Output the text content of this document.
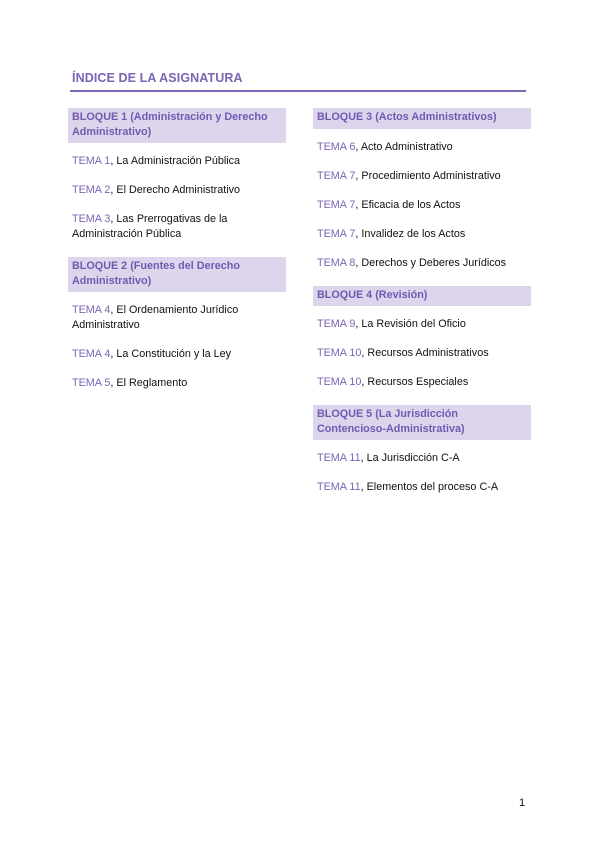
ÍNDICE DE LA ASIGNATURA
BLOQUE 1 (Administración y Derecho Administrativo)
TEMA 1, La Administración Pública
TEMA 2, El Derecho Administrativo
TEMA 3, Las Prerrogativas de la Administración Pública
BLOQUE 2 (Fuentes del Derecho Administrativo)
TEMA 4, El Ordenamiento Jurídico Administrativo
TEMA 4, La Constitución y la Ley
TEMA 5, El Reglamento
BLOQUE 3 (Actos Administrativos)
TEMA 6, Acto Administrativo
TEMA 7, Procedimiento Administrativo
TEMA 7, Eficacia de los Actos
TEMA 7, Invalidez de los Actos
TEMA 8, Derechos y Deberes Jurídicos
BLOQUE 4 (Revisión)
TEMA 9, La Revisión del Oficio
TEMA 10, Recursos Administrativos
TEMA 10, Recursos Especiales
BLOQUE 5 (La Jurisdicción Contencioso-Administrativa)
TEMA 11, La Jurisdicción C-A
TEMA 11, Elementos del proceso C-A
1
